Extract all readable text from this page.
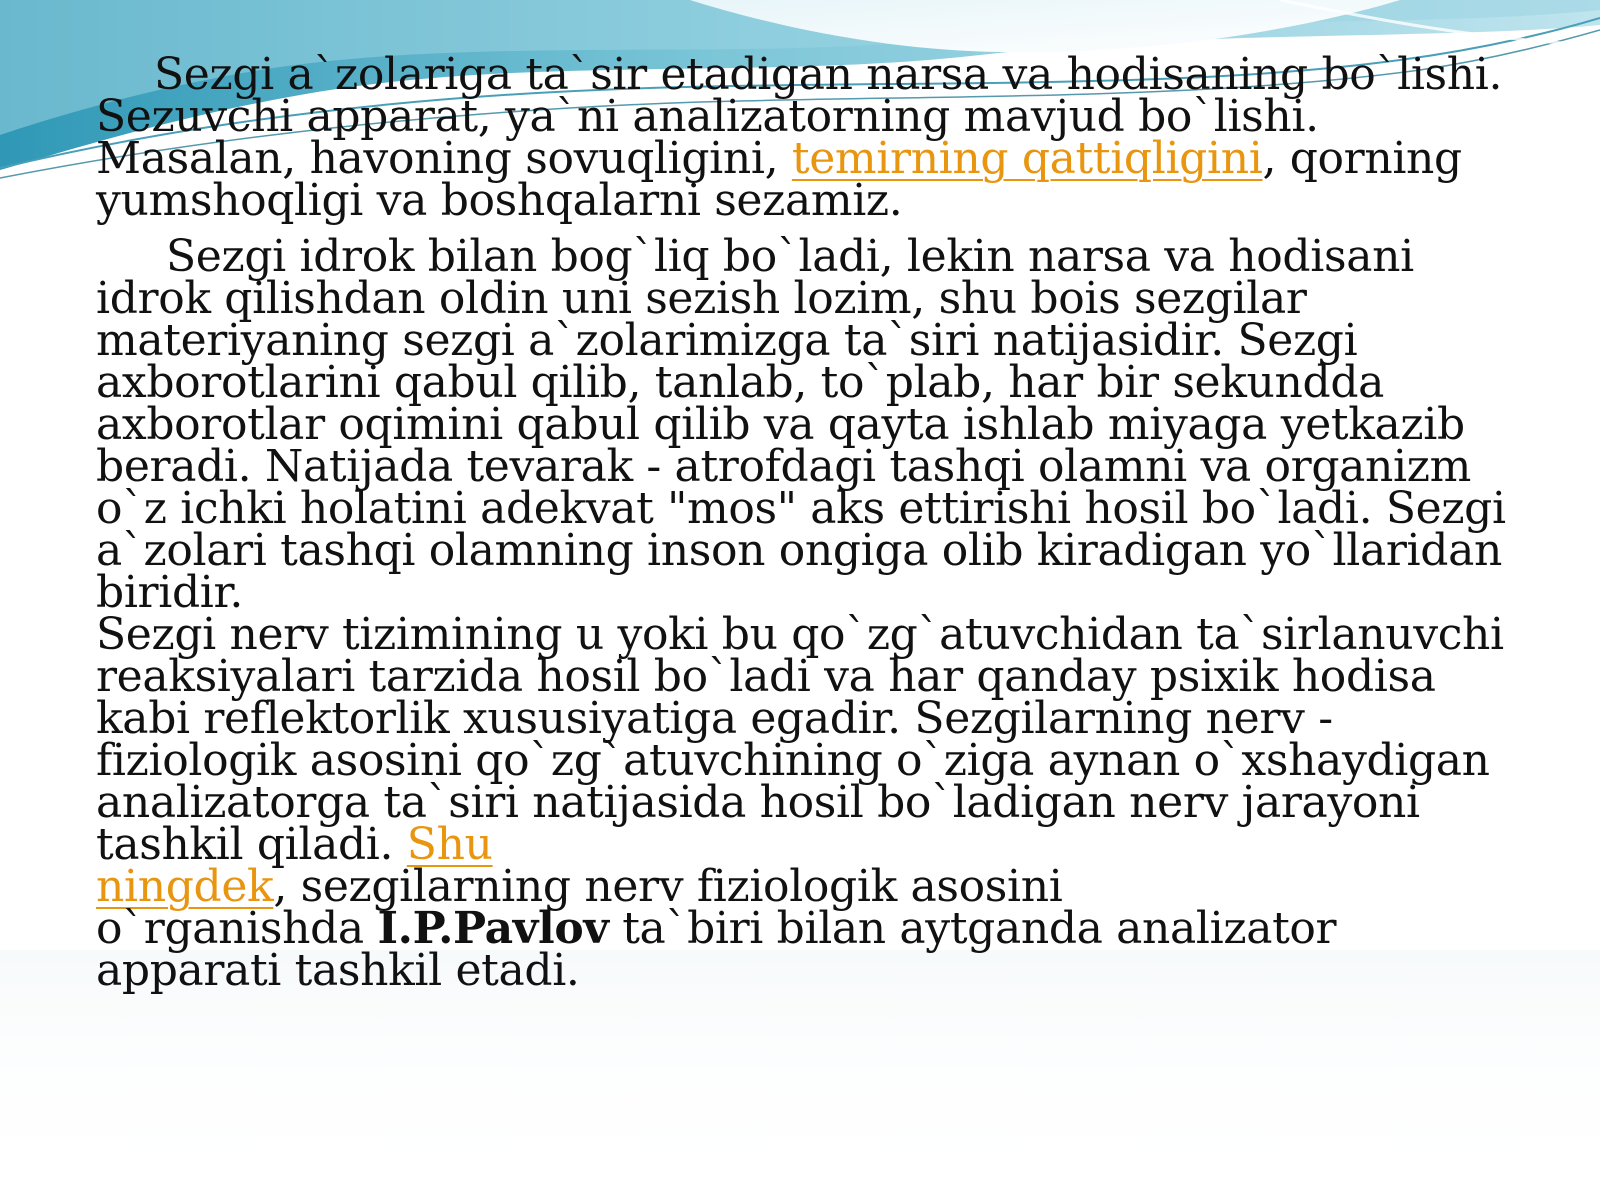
Sezgi a`zolariga ta`sir etadigan narsa va hodisaning bo`lishi. Sezuvchi apparat, ya`ni analizatorning mavjud bo`lishi. Masalan, havoning sovuqligini, temirning qattiqligini, qorning yumshoqligi va boshqalarni sezamiz.

Sezgi idrok bilan bog`liq bo`ladi, lekin narsa va hodisani idrok qilishdan oldin uni sezish lozim, shu bois sezgilar materiyaning sezgi a`zolarimizga ta`siri natijasidir. Sezgi axborotlarini qabul qilib, tanlab, to`plab, har bir sekundda axborotlar oqimini qabul qilib va qayta ishlab miyaga yetkazib beradi. Natijada tevarak - atrofdagi tashqi olamni va organizm o`z ichki holatini adekvat "mos" aks ettirishi hosil bo`ladi. Sezgi a`zolari tashqi olamning inson ongiga olib kiradigan yo`llaridan biridir.
Sezgi nerv tizimining u yoki bu qo`zg`atuvchidan ta`sirlanuvchi reaksiyalari tarzida hosil bo`ladi va har qanday psixik hodisa kabi reflektorlik xususiyatiga egadir. Sezgilarning nerv - fiziologik asosini qo`zg`atuvchining o`ziga aynan o`xshaydigan analizatorga ta`siri natijasida hosil bo`ladigan nerv jarayoni tashkil qiladi. Shu
ningdek, sezgilarning nerv fiziologik asosini
o`rganishda I.P.Pavlov ta`biri bilan aytganda analizator apparati tashkil etadi.
